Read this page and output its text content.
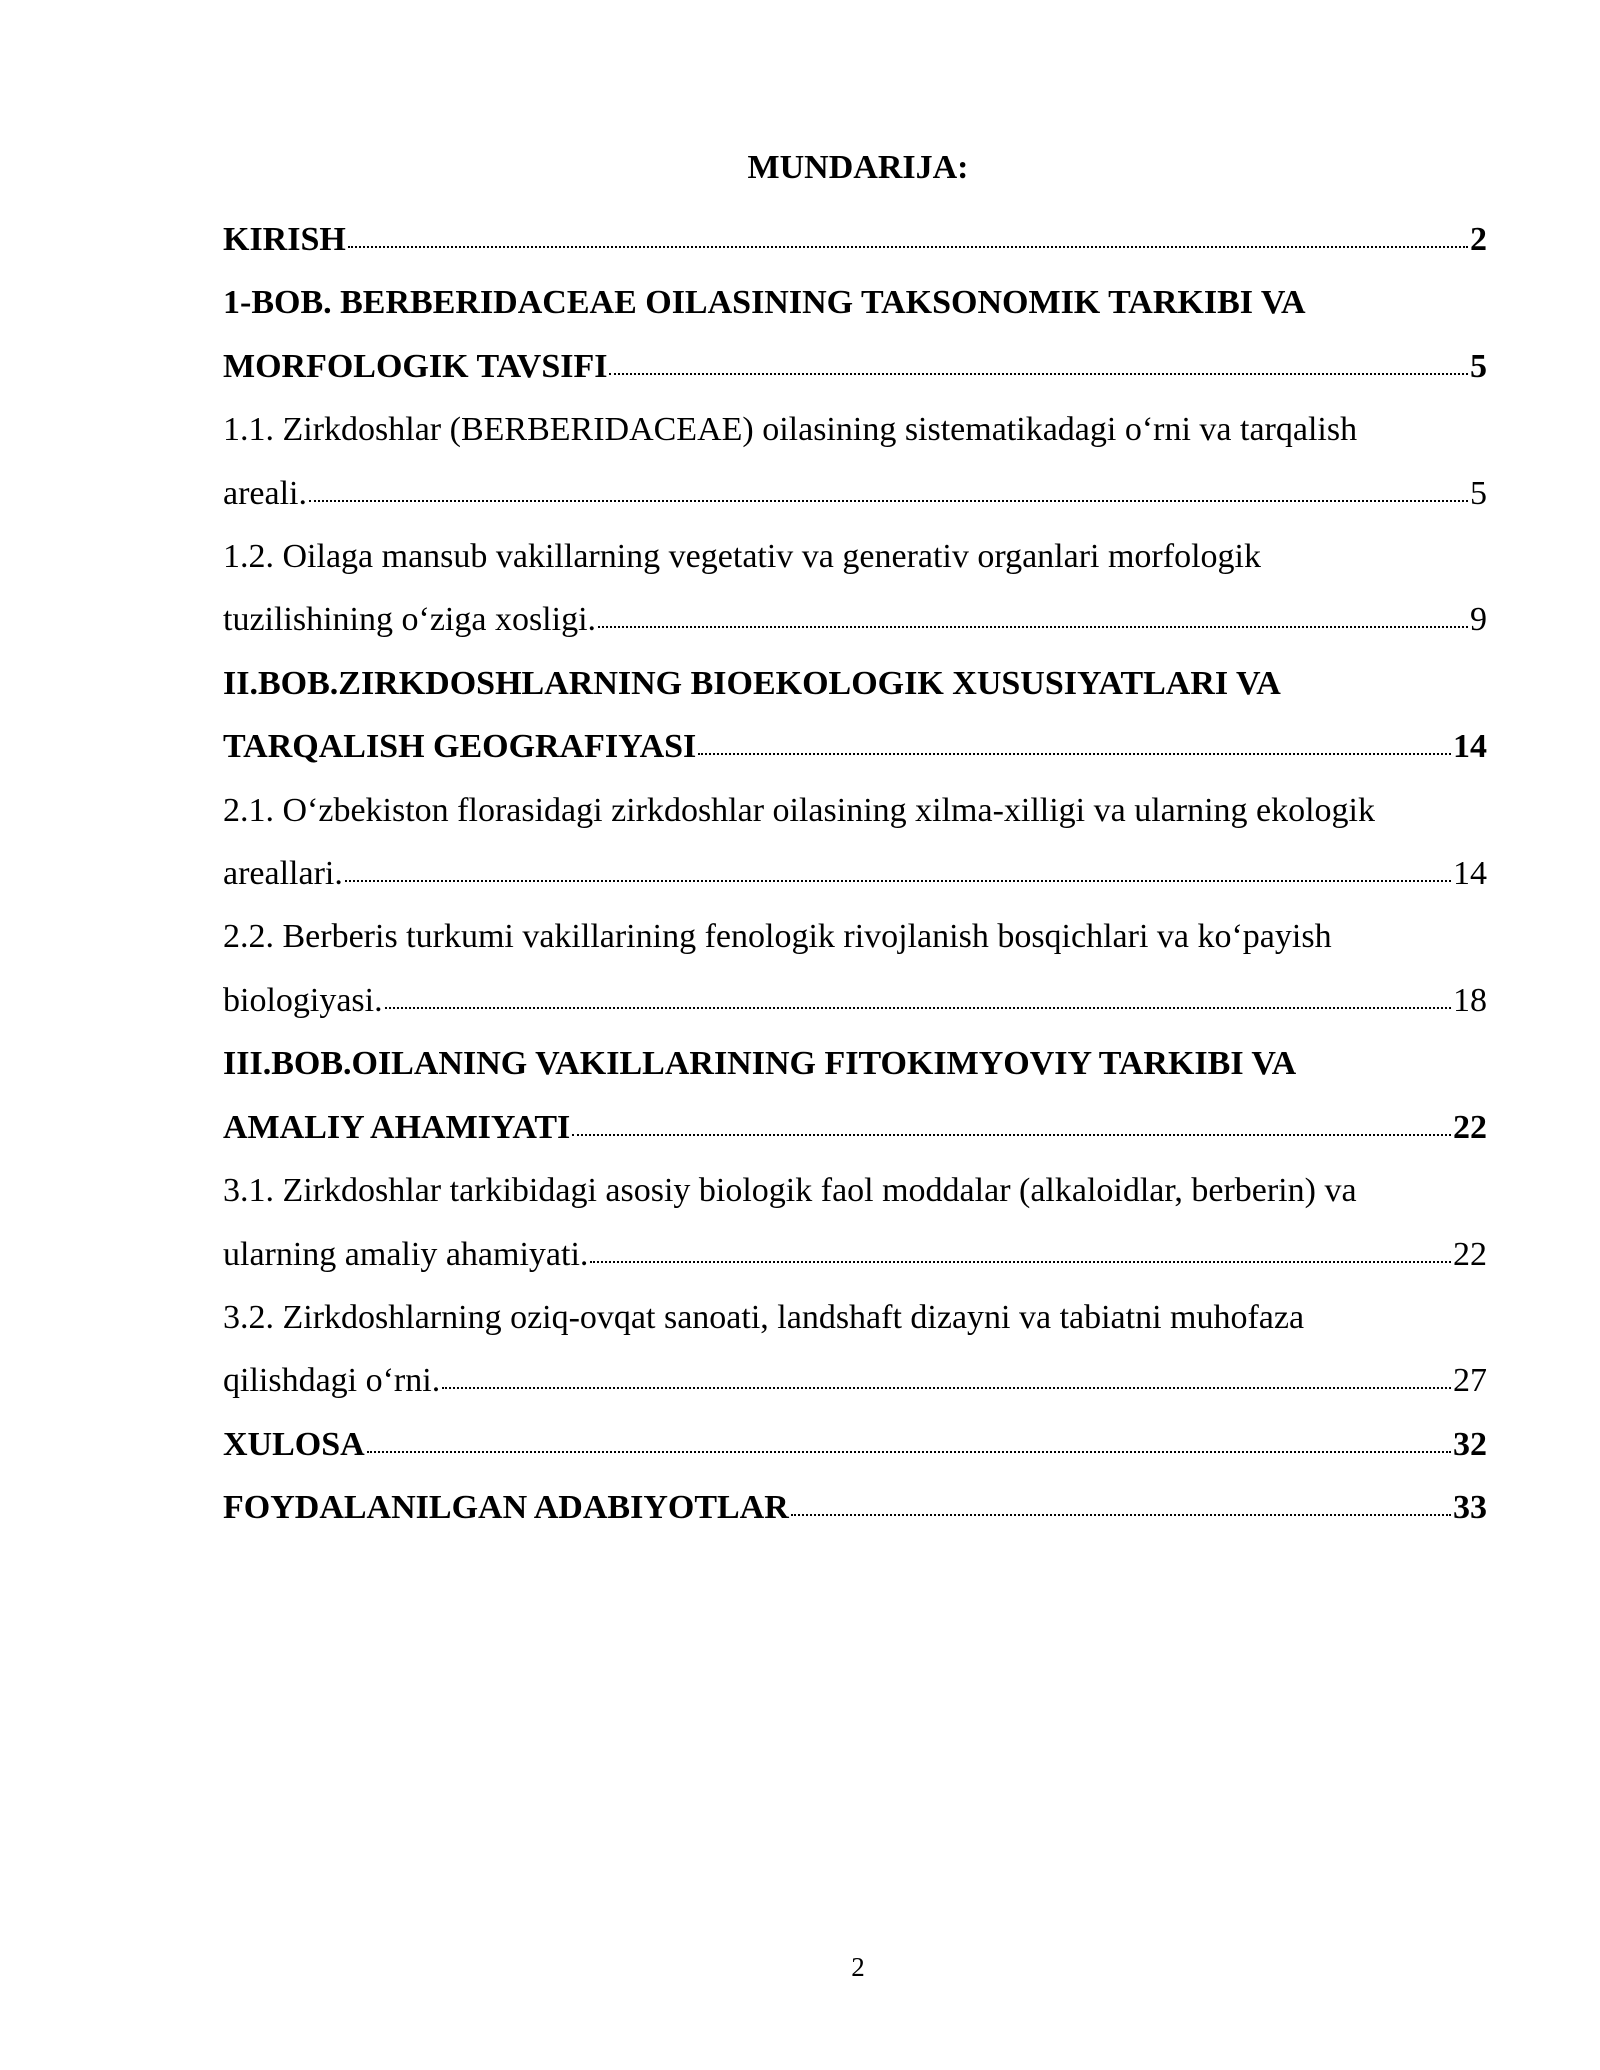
MUNDARIJA:
KIRISH	2
1-BOB. BERBERIDACEAE OILASINING TAKSONOMIK TARKIBI VA
MORFOLOGIK TAVSIFI	5
1.1. Zirkdoshlar (BERBERIDACEAE) oilasining sistematikadagi o‘rni va tarqalish
areali.	5
1.2. Oilaga mansub vakillarning vegetativ va generativ organlari morfologik
tuzilishining o‘ziga xosligi.	9
II.BOB.ZIRKDOSHLARNING BIOEKOLOGIK XUSUSIYATLARI VA
TARQALISH GEOGRAFIYASI	14
2.1. O‘zbekiston florasidagi zirkdoshlar oilasining xilma-xilligi va ularning ekologik
areallari.	14
2.2. Berberis turkumi vakillarining fenologik rivojlanish bosqichlari va ko‘payish
biologiyasi.	18
III.BOB.OILANING VAKILLARINING FITOKIMYOVIY TARKIBI VA
AMALIY AHAMIYATI	22
3.1. Zirkdoshlar tarkibidagi asosiy biologik faol moddalar (alkaloidlar, berberin) va
ularning amaliy ahamiyati.	22
3.2. Zirkdoshlarning oziq-ovqat sanoati, landshaft dizayni va tabiatni muhofaza
qilishdagi o‘rni.	27
XULOSA	32
FOYDALANILGAN ADABIYOTLAR	33
2
